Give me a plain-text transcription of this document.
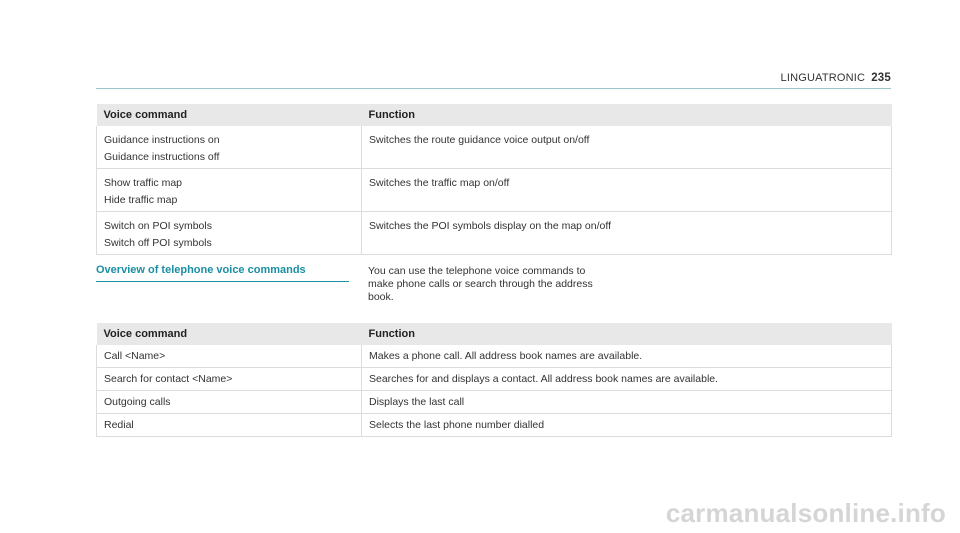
LINGUATRONIC 235
Voice command	Function

Guidance instructions on
Guidance instructions off	Switches the route guidance voice output on/off

Show traffic map
Hide traffic map	Switches the traffic map on/off

Switch on POI symbols
Switch off POI symbols	Switches the POI symbols display on the map on/off
Overview of telephone voice commands	You can use the telephone voice commands to
make phone calls or search through the address
book.
Voice command	Function
Call <Name>	Makes a phone call. All address book names are available.
Search for contact <Name>	Searches for and displays a contact. All address book names are available.
Outgoing calls	Displays the last call
Redial	Selects the last phone number dialled
carmanualsonline.info
